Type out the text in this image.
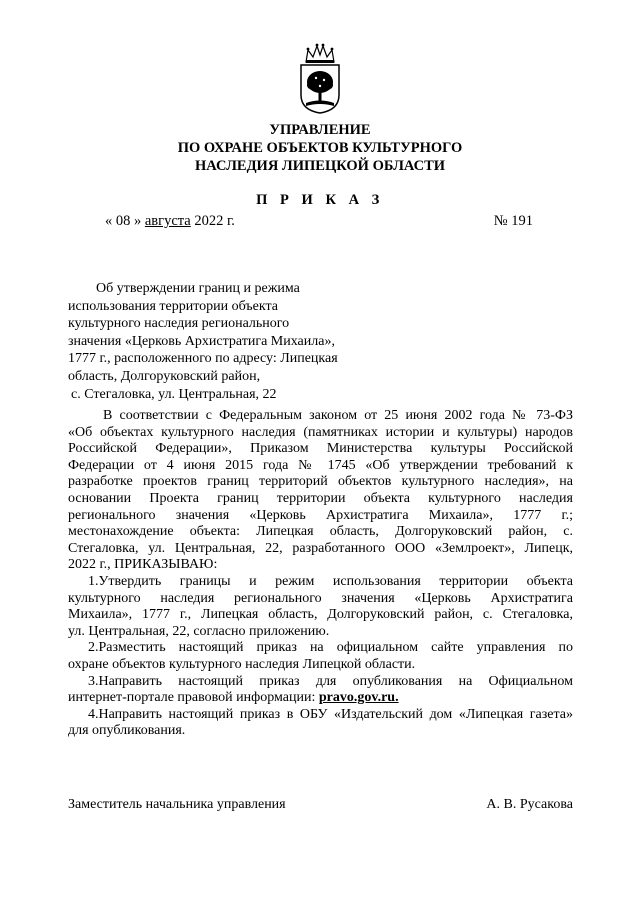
УПРАВЛЕНИЕ
ПО ОХРАНЕ ОБЪЕКТОВ КУЛЬТУРНОГО
НАСЛЕДИЯ ЛИПЕЦКОЙ ОБЛАСТИ
П Р И К А З
« 08 » августа 2022 г.	№ 191
Об утверждении границ и режима
использования территории объекта
культурного наследия регионального
значения «Церковь Архистратига Михаила»,
1777 г., расположенного по адресу: Липецкая
область, Долгоруковский район,
с. Стегаловка, ул. Центральная, 22
В соответствии с Федеральным законом от 25 июня 2002 года № 73-ФЗ
«Об объектах культурного наследия (памятниках истории и культуры) народов
Российской Федерации», Приказом Министерства культуры Российской
Федерации от 4 июня 2015 года № 1745 «Об утверждении требований к
разработке проектов границ территорий объектов культурного наследия», на
основании Проекта границ территории объекта культурного наследия
регионального значения «Церковь Архистратига Михаила», 1777 г.;
местонахождение объекта: Липецкая область, Долгоруковский район, с.
Стегаловка, ул. Центральная, 22, разработанного ООО «Землроект», Липецк,
2022 г., ПРИКАЗЫВАЮ:
1.Утвердить границы и режим использования территории объекта
культурного наследия регионального значения «Церковь Архистратига
Михаила», 1777 г., Липецкая область, Долгоруковский район, с. Стегаловка,
ул. Центральная, 22, согласно приложению.
2.Разместить настоящий приказ на официальном сайте управления по
охране объектов культурного наследия Липецкой области.
3.Направить настоящий приказ для опубликования на Официальном
интернет-портале правовой информации: pravo.gov.ru.
4.Направить настоящий приказ в ОБУ «Издательский дом «Липецкая газета»
для опубликования.
Заместитель начальника управления	А. В. Русакова
